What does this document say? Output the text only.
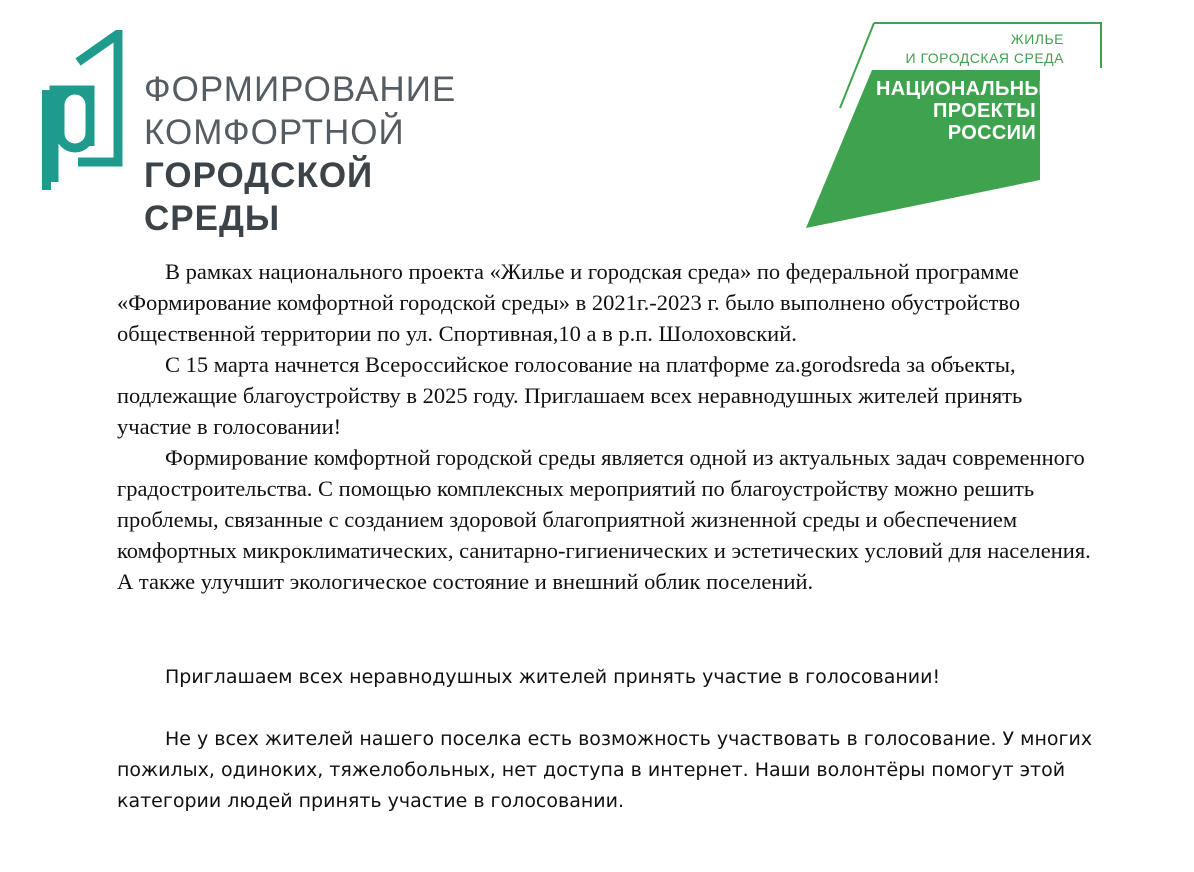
ФОРМИРОВАНИЕ
КОМФОРТНОЙ
ГОРОДСКОЙ СРЕДЫ
ЖИЛЬЕ
И ГОРОДСКАЯ СРЕДА
НАЦИОНАЛЬНЫЕ
ПРОЕКТЫ
РОССИИ

В рамках национального проекта «Жилье и городская среда» по федеральной программе «Формирование комфортной городской среды» в 2021г.-2023 г. было выполнено обустройство общественной территории по ул. Спортивная,10 а в р.п. Шолоховский.

С 15 марта начнется Всероссийское голосование на платформе za.gorodsreda за объекты, подлежащие благоустройству в 2025 году. Приглашаем всех неравнодушных жителей принять участие в голосовании!

Формирование комфортной городской среды является одной из актуальных задач современного градостроительства. С помощью комплексных мероприятий по благоустройству можно решить проблемы, связанные с созданием здоровой благоприятной жизненной среды и обеспечением комфортных микроклиматических, санитарно-гигиенических и эстетических условий для населения. А также улучшит экологическое состояние и внешний облик поселений.

Приглашаем всех неравнодушных жителей принять участие в голосовании!

Не у всех жителей нашего поселка есть возможность участвовать в голосование. У многих пожилых, одиноких, тяжелобольных, нет доступа в интернет. Наши волонтёры помогут этой категории людей принять участие в голосовании.
